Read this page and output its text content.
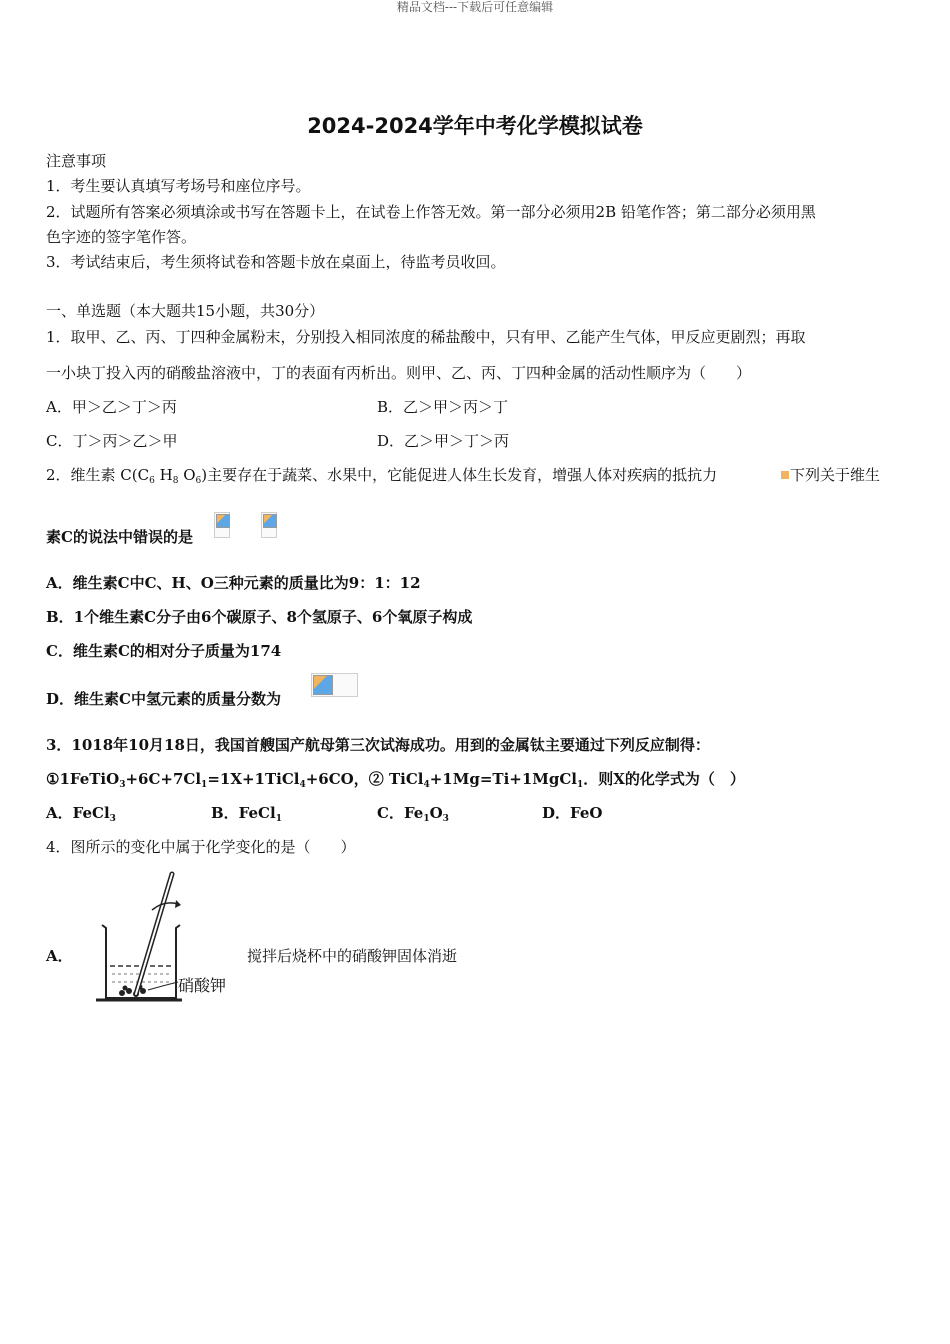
精品文档---下载后可任意编辑
2024-2024学年中考化学模拟试卷
注意事项
1．考生要认真填写考场号和座位序号。
2．试题所有答案必须填涂或书写在答题卡上，在试卷上作答无效。第一部分必须用2B 铅笔作答；第二部分必须用黑
色字迹的签字笔作答。
3．考试结束后，考生须将试卷和答题卡放在桌面上，待监考员收回。
一、单选题（本大题共15小题，共30分）
1．取甲、乙、丙、丁四种金属粉末，分别投入相同浓度的稀盐酸中，只有甲、乙能产生气体，甲反应更剧烈；再取
一小块丁投入丙的硝酸盐溶液中，丁的表面有丙析出。则甲、乙、丙、丁四种金属的活动性顺序为（　　）
A．甲＞乙＞丁＞丙	B．乙＞甲＞丙＞丁
C．丁＞丙＞乙＞甲	D．乙＞甲＞丁＞丙
2．维生素 $C(C_6$ $H_8$ $O_6$)主要存在于蔬菜、水果中，它能促进人体生长发育，增强人体对疾病的抵抗力	下列关于维生
素C的说法中错误的是
A．维生素C中C、H、O三种元素的质量比为9：1：12
B．1个维生素C分子由6个碳原子、8个氢原子、6个氧原子构成
C．维生素C的相对分子质量为174
D．维生素C中氢元素的质量分数为
3．1018年10月18日，我国首艘国产航母第三次试海成功。用到的金属钛主要通过下列反应制得：
$①1FeTiO_3+6C+7Cl_1=1X+1TiCl_4+6CO$，② TiCl$_4$+1Mg=Ti+1MgCl$_1$．则X的化学式为（　）
A．FeCl$_3$	B．FeCl$_1$	C．$Fe_1O_3$	D．FeO
4．图所示的变化中属于化学变化的是（　　）
A．	搅拌后烧杯中的硝酸钾固体消逝
硝酸钾
